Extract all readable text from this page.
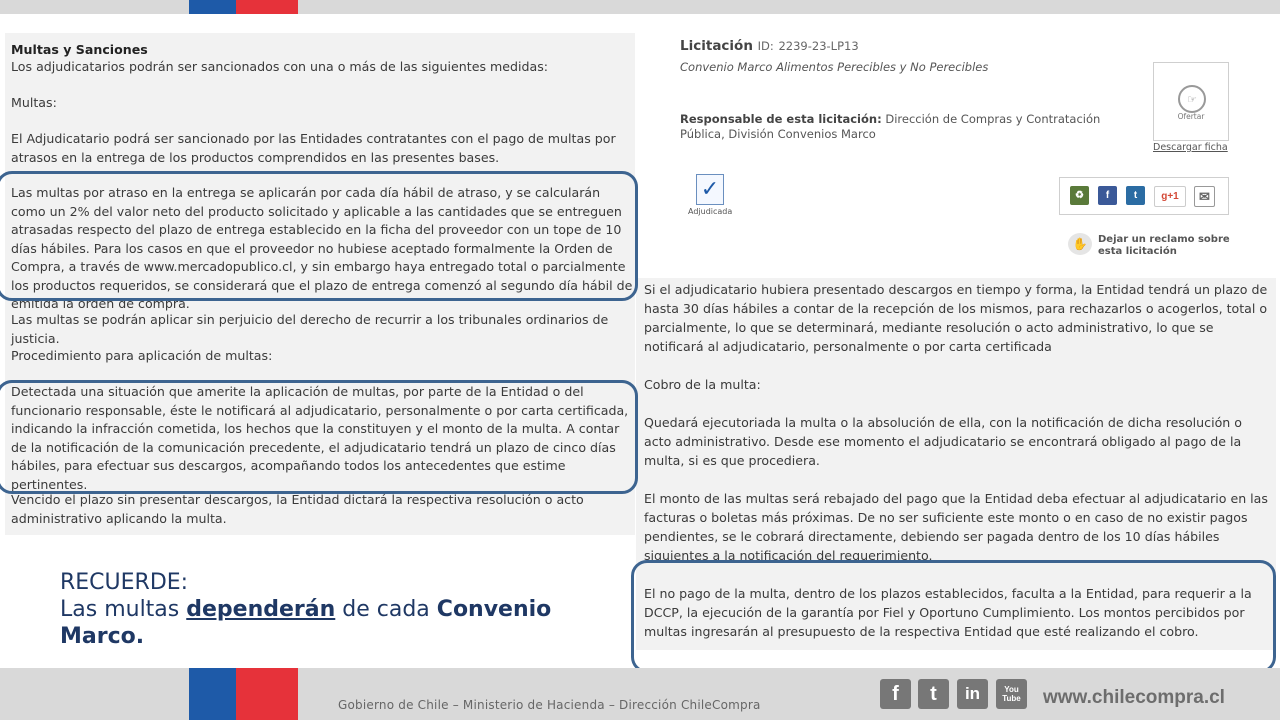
Multas y Sanciones

Los adjudicatarios podrán ser sancionados con una o más de las siguientes medidas:

Multas:

El Adjudicatario podrá ser sancionado por las Entidades contratantes con el pago de multas por atrasos en la entrega de los productos comprendidos en las presentes bases.

Las multas por atraso en la entrega se aplicarán por cada día hábil de atraso, y se calcularán como un 2% del valor neto del producto solicitado y aplicable a las cantidades que se entreguen atrasadas respecto del plazo de entrega establecido en la ficha del proveedor con un tope de 10 días hábiles. Para los casos en que el proveedor no hubiese aceptado formalmente la Orden de Compra, a través de www.mercadopublico.cl, y sin embargo haya entregado total o parcialmente los productos requeridos, se considerará que el plazo de entrega comenzó al segundo día hábil de emitida la orden de compra.

Las multas se podrán aplicar sin perjuicio del derecho de recurrir a los tribunales ordinarios de justicia.

Procedimiento para aplicación de multas:

Detectada una situación que amerite la aplicación de multas, por parte de la Entidad o del funcionario responsable, éste le notificará al adjudicatario, personalmente o por carta certificada, indicando la infracción cometida, los hechos que la constituyen y el monto de la multa. A contar de la notificación de la comunicación precedente, el adjudicatario tendrá un plazo de cinco días hábiles, para efectuar sus descargos, acompañando todos los antecedentes que estime pertinentes.

Vencido el plazo sin presentar descargos, la Entidad dictará la respectiva resolución o acto administrativo aplicando la multa.

Licitación ID: 2239-23-LP13
Convenio Marco Alimentos Perecibles y No Perecibles
Responsable de esta licitación: Dirección de Compras y Contratación Pública, División Convenios Marco
☞
Ofertar
Descargar ficha
✓
Adjudicada
♻	f	t	g+1	✉
✋	Dejar un reclamo sobre esta licitación

Si el adjudicatario hubiera presentado descargos en tiempo y forma, la Entidad tendrá un plazo de hasta 30 días hábiles a contar de la recepción de los mismos, para rechazarlos o acogerlos, total o parcialmente, lo que se determinará, mediante resolución o acto administrativo, lo que se notificará al adjudicatario, personalmente o por carta certificada

Cobro de la multa:

Quedará ejecutoriada la multa o la absolución de ella, con la notificación de dicha resolución o acto administrativo. Desde ese momento el adjudicatario se encontrará obligado al pago de la multa, si es que procediera.

El monto de las multas será rebajado del pago que la Entidad deba efectuar al adjudicatario en las facturas o boletas más próximas. De no ser suficiente este monto o en caso de no existir pagos pendientes, se le cobrará directamente, debiendo ser pagada dentro de los 10 días hábiles siguientes a la notificación del requerimiento.

El no pago de la multa, dentro de los plazos establecidos, faculta a la Entidad, para requerir a la DCCP, la ejecución de la garantía por Fiel y Oportuno Cumplimiento. Los montos percibidos por multas ingresarán al presupuesto de la respectiva Entidad que esté realizando el cobro.

RECUERDE:
Las multas dependerán de cada Convenio Marco.
Gobierno de Chile – Ministerio de Hacienda – Dirección ChileCompra
f	t	in	You Tube	www.chilecompra.cl
